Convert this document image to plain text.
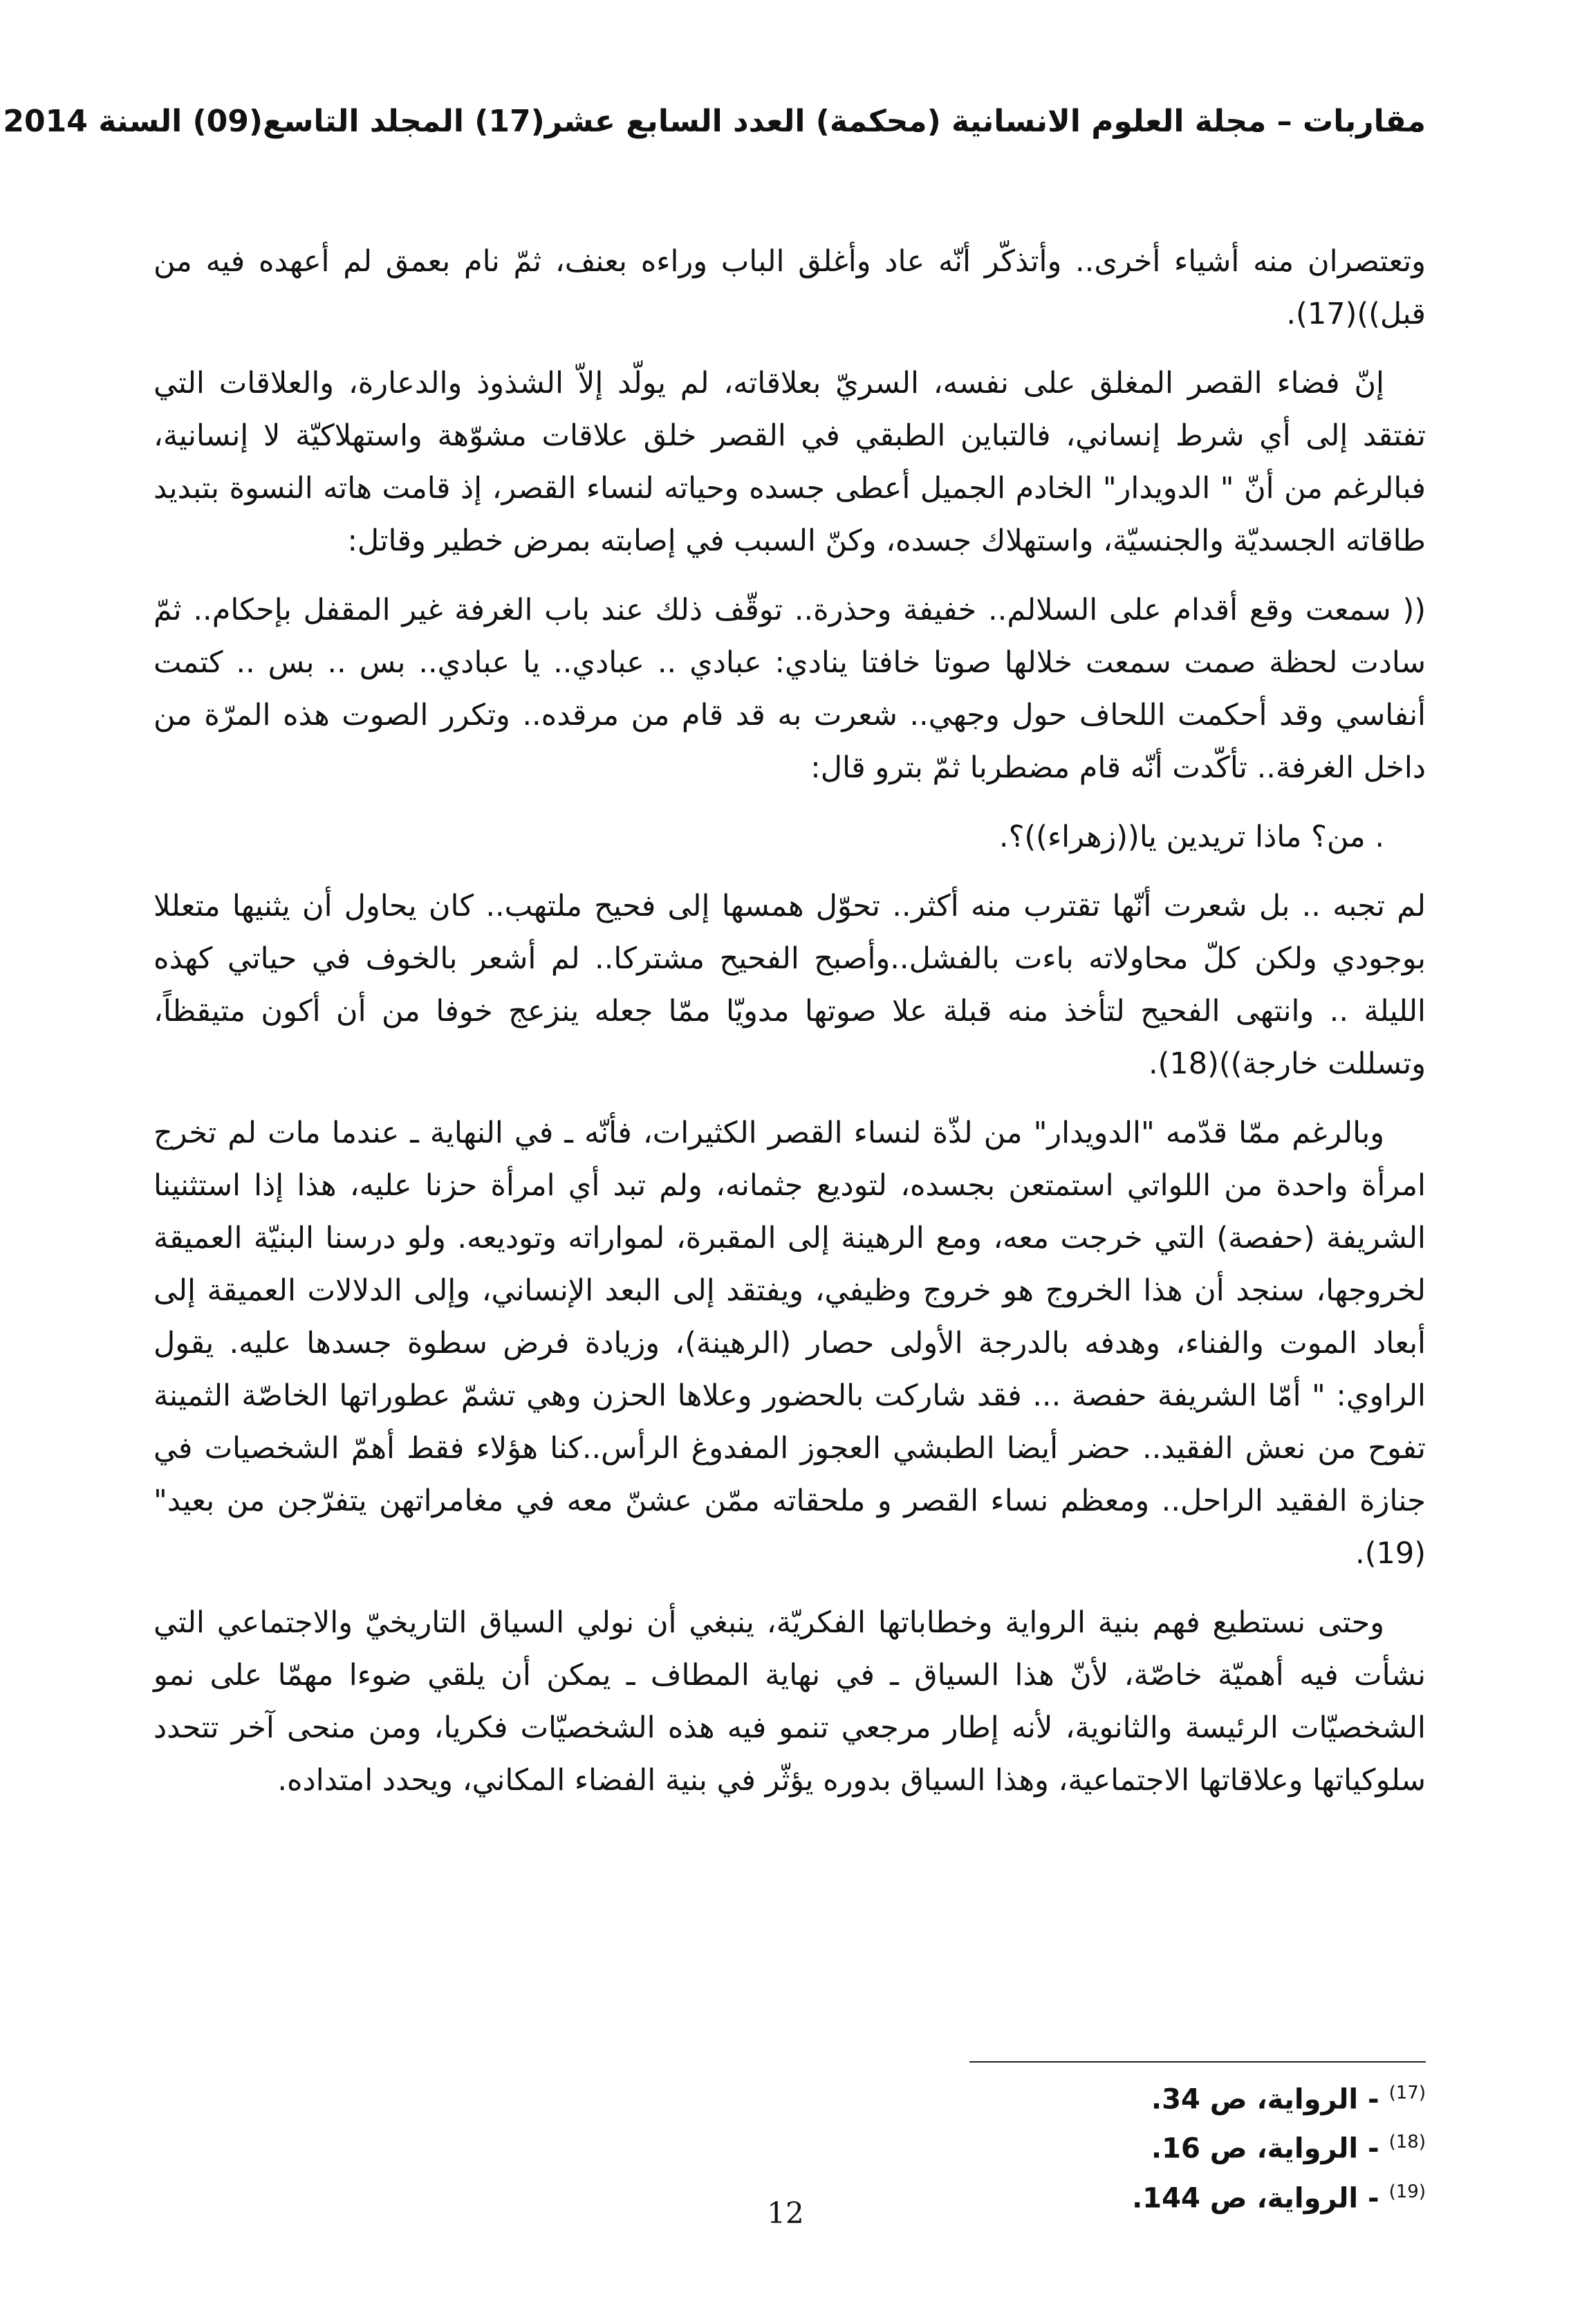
مقاربات – مجلة العلوم الانسانية (محكمة) العدد السابع عشر(17) المجلد التاسع(09) السنة 2014

وتعتصران منه أشياء أخرى.. وأتذكّر أنّه عاد وأغلق الباب وراءه بعنف، ثمّ نام بعمق لم أعهده فيه من قبل))(17).

إنّ فضاء القصر المغلق على نفسه، السريّ بعلاقاته، لم يولّد إلاّ الشذوذ والدعارة، والعلاقات التي تفتقد إلى أي شرط إنساني، فالتباين الطبقي في القصر خلق علاقات مشوّهة واستهلاكيّة لا إنسانية، فبالرغم من أنّ " الدويدار" الخادم الجميل أعطى جسده وحياته لنساء القصر، إذ قامت هاته النسوة بتبديد طاقاته الجسديّة والجنسيّة، واستهلاك جسده، وكنّ السبب في إصابته بمرض خطير وقاتل:

(( سمعت وقع أقدام على السلالم.. خفيفة وحذرة.. توقّف ذلك عند باب الغرفة غير المقفل بإحكام.. ثمّ سادت لحظة صمت سمعت خلالها صوتا خافتا ينادي: عبادي .. عبادي.. يا عبادي.. بس .. بس .. كتمت أنفاسي وقد أحكمت اللحاف حول وجهي.. شعرت به قد قام من مرقده.. وتكرر الصوت هذه المرّة من داخل الغرفة.. تأكّدت أنّه قام مضطربا ثمّ بترو قال:

. من؟ ماذا تريدين يا((زهراء))؟.

لم تجبه .. بل شعرت أنّها تقترب منه أكثر.. تحوّل همسها إلى فحيح ملتهب.. كان يحاول أن يثنيها متعللا بوجودي ولكن كلّ محاولاته باءت بالفشل..وأصبح الفحيح مشتركا.. لم أشعر بالخوف في حياتي كهذه الليلة .. وانتهى الفحيح لتأخذ منه قبلة علا صوتها مدويّا ممّا جعله ينزعج خوفا من أن أكون متيقظاً، وتسللت خارجة))(18).

وبالرغم ممّا قدّمه "الدويدار" من لذّة لنساء القصر الكثيرات، فأنّه ـ في النهاية ـ عندما مات لم تخرج امرأة واحدة من اللواتي استمتعن بجسده، لتوديع جثمانه، ولم تبد أي امرأة حزنا عليه، هذا إذا استثنينا الشريفة (حفصة) التي خرجت معه، ومع الرهينة إلى المقبرة، لمواراته وتوديعه. ولو درسنا البنيّة العميقة لخروجها، سنجد أن هذا الخروج هو خروج وظيفي، ويفتقد إلى البعد الإنساني، وإلى الدلالات العميقة إلى أبعاد الموت والفناء، وهدفه بالدرجة الأولى حصار (الرهينة)، وزيادة فرض سطوة جسدها عليه. يقول الراوي: " أمّا الشريفة حفصة ... فقد شاركت بالحضور وعلاها الحزن وهي تشمّ عطوراتها الخاصّة الثمينة تفوح من نعش الفقيد.. حضر أيضا الطبشي العجوز المفدوغ الرأس..كنا هؤلاء فقط أهمّ الشخصيات في جنازة الفقيد الراحل.. ومعظم نساء القصر و ملحقاته ممّن عشنّ معه في مغامراتهن يتفرّجن من بعيد"(19).

وحتى نستطيع فهم بنية الرواية وخطاباتها الفكريّة، ينبغي أن نولي السياق التاريخيّ والاجتماعي التي نشأت فيه أهميّة خاصّة، لأنّ هذا السياق ـ في نهاية المطاف ـ يمكن أن يلقي ضوءا مهمّا على نمو الشخصيّات الرئيسة والثانوية، لأنه إطار مرجعي تنمو فيه هذه الشخصيّات فكريا، ومن منحى آخر تتحدد سلوكياتها وعلاقاتها الاجتماعية، وهذا السياق بدوره يؤثّر في بنية الفضاء المكاني، ويحدد امتداده.

$^{(17)}$ - الرواية، ص 34.
$^{(18)}$ - الرواية، ص 16.
$^{(19)}$ - الرواية، ص 144.
12
